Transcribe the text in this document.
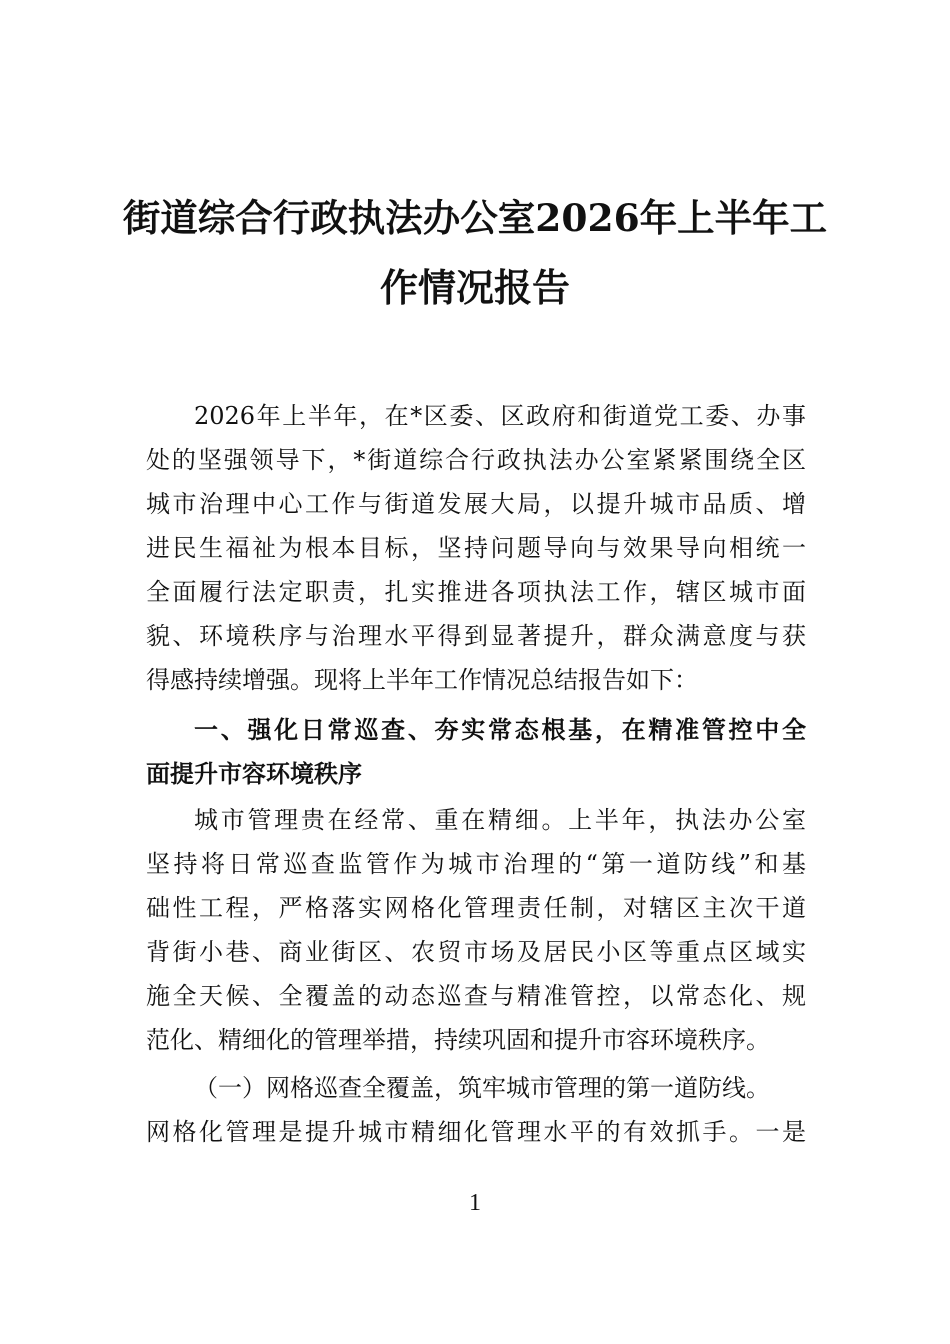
街道综合行政执法办公室2026年上半年工
作情况报告
2026年上半年，在*区委、区政府和街道党工委、办事
处的坚强领导下，*街道综合行政执法办公室紧紧围绕全区
城市治理中心工作与街道发展大局，以提升城市品质、增
进民生福祉为根本目标，坚持问题导向与效果导向相统一
全面履行法定职责，扎实推进各项执法工作，辖区城市面
貌、环境秩序与治理水平得到显著提升，群众满意度与获
得感持续增强。现将上半年工作情况总结报告如下：
一、强化日常巡查、夯实常态根基，在精准管控中全
面提升市容环境秩序
城市管理贵在经常、重在精细。上半年，执法办公室
坚持将日常巡查监管作为城市治理的“第一道防线”和基
础性工程，严格落实网格化管理责任制，对辖区主次干道
背街小巷、商业街区、农贸市场及居民小区等重点区域实
施全天候、全覆盖的动态巡查与精准管控，以常态化、规
范化、精细化的管理举措，持续巩固和提升市容环境秩序。
（一）网格巡查全覆盖，筑牢城市管理的第一道防线。
网格化管理是提升城市精细化管理水平的有效抓手。一是
1
